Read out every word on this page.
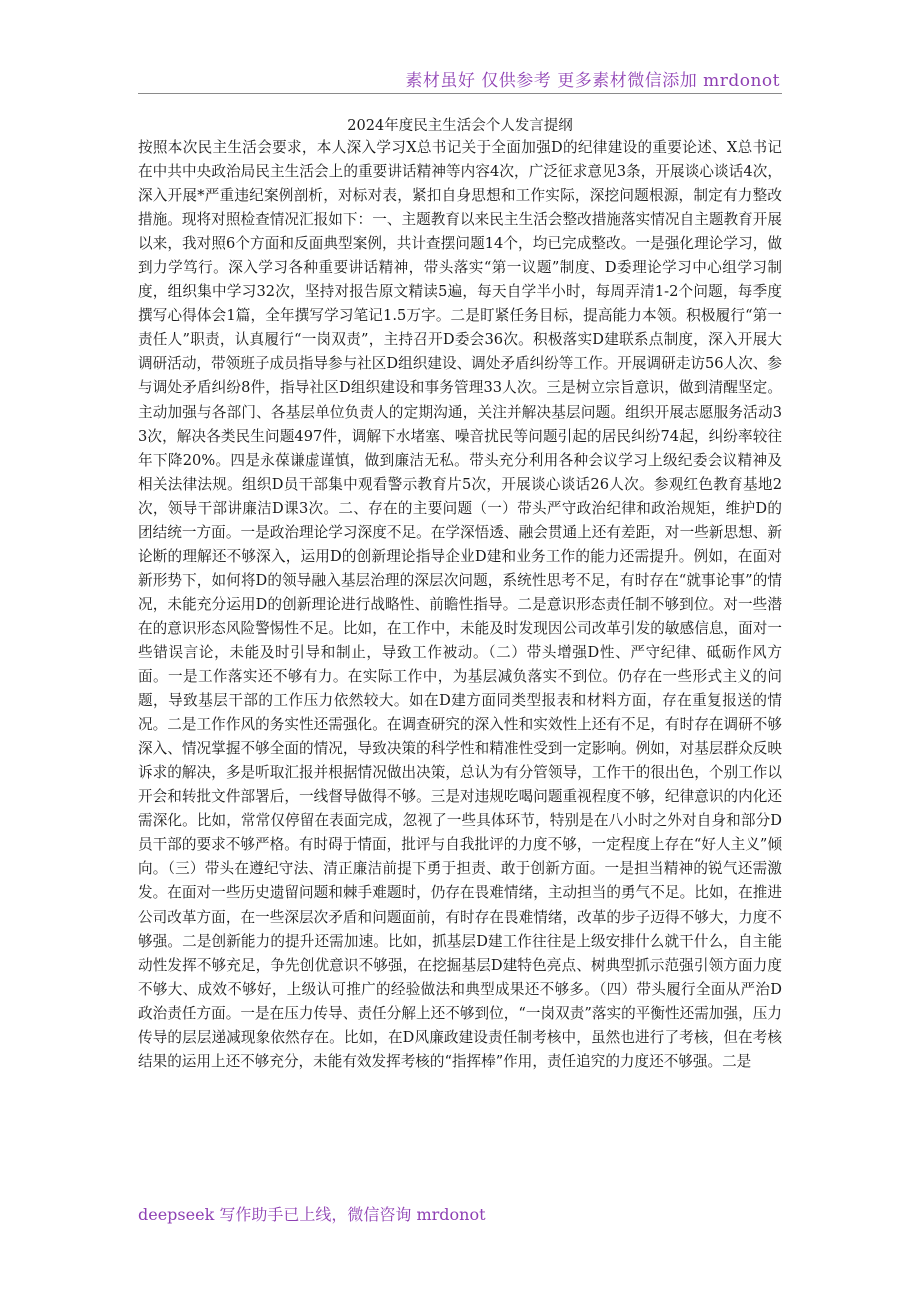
素材虽好 仅供参考 更多素材微信添加 mrdonot
2024年度民主生活会个人发言提纲

按照本次民主生活会要求，本人深入学习X总书记关于全面加强D的纪律建设的重要论述、X总书记在中共中央政治局民主生活会上的重要讲话精神等内容4次，广泛征求意见3条，开展谈心谈话4次，深入开展*严重违纪案例剖析，对标对表，紧扣自身思想和工作实际，深挖问题根源，制定有力整改措施。现将对照检查情况汇报如下：一、主题教育以来民主生活会整改措施落实情况自主题教育开展以来，我对照6个方面和反面典型案例，共计查摆问题14个，均已完成整改。一是强化理论学习，做到力学笃行。深入学习各种重要讲话精神，带头落实“第一议题”制度、D委理论学习中心组学习制度，组织集中学习32次，坚持对报告原文精读5遍，每天自学半小时，每周弄清1-2个问题，每季度撰写心得体会1篇，全年撰写学习笔记1.5万字。二是盯紧任务目标，提高能力本领。积极履行“第一责任人”职责，认真履行“一岗双责”，主持召开D委会36次。积极落实D建联系点制度，深入开展大调研活动，带领班子成员指导参与社区D组织建设、调处矛盾纠纷等工作。开展调研走访56人次、参与调处矛盾纠纷8件，指导社区D组织建设和事务管理33人次。三是树立宗旨意识，做到清醒坚定。主动加强与各部门、各基层单位负责人的定期沟通，关注并解决基层问题。组织开展志愿服务活动33次，解决各类民生问题497件，调解下水堵塞、噪音扰民等问题引起的居民纠纷74起，纠纷率较往年下降20%。四是永葆谦虚谨慎，做到廉洁无私。带头充分利用各种会议学习上级纪委会议精神及相关法律法规。组织D员干部集中观看警示教育片5次，开展谈心谈话26人次。参观红色教育基地2次，领导干部讲廉洁D课3次。二、存在的主要问题（一）带头严守政治纪律和政治规矩，维护D的团结统一方面。一是政治理论学习深度不足。在学深悟透、融会贯通上还有差距，对一些新思想、新论断的理解还不够深入，运用D的创新理论指导企业D建和业务工作的能力还需提升。例如，在面对新形势下，如何将D的领导融入基层治理的深层次问题，系统性思考不足，有时存在“就事论事”的情况，未能充分运用D的创新理论进行战略性、前瞻性指导。二是意识形态责任制不够到位。对一些潜在的意识形态风险警惕性不足。比如，在工作中，未能及时发现因公司改革引发的敏感信息，面对一些错误言论，未能及时引导和制止，导致工作被动。（二）带头增强D性、严守纪律、砥砺作风方面。一是工作落实还不够有力。在实际工作中，为基层减负落实不到位。仍存在一些形式主义的问题，导致基层干部的工作压力依然较大。如在D建方面同类型报表和材料方面，存在重复报送的情况。二是工作作风的务实性还需强化。在调查研究的深入性和实效性上还有不足，有时存在调研不够深入、情况掌握不够全面的情况，导致决策的科学性和精准性受到一定影响。例如，对基层群众反映诉求的解决，多是听取汇报并根据情况做出决策，总认为有分管领导，工作干的很出色，个别工作以开会和转批文件部署后，一线督导做得不够。三是对违规吃喝问题重视程度不够，纪律意识的内化还需深化。比如，常常仅停留在表面完成，忽视了一些具体环节，特别是在八小时之外对自身和部分D员干部的要求不够严格。有时碍于情面，批评与自我批评的力度不够，一定程度上存在“好人主义”倾向。（三）带头在遵纪守法、清正廉洁前提下勇于担责、敢于创新方面。一是担当精神的锐气还需激发。在面对一些历史遗留问题和棘手难题时，仍存在畏难情绪，主动担当的勇气不足。比如，在推进公司改革方面，在一些深层次矛盾和问题面前，有时存在畏难情绪，改革的步子迈得不够大，力度不够强。二是创新能力的提升还需加速。比如，抓基层D建工作往往是上级安排什么就干什么，自主能动性发挥不够充足，争先创优意识不够强，在挖掘基层D建特色亮点、树典型抓示范强引领方面力度不够大、成效不够好，上级认可推广的经验做法和典型成果还不够多。（四）带头履行全面从严治D政治责任方面。一是在压力传导、责任分解上还不够到位，“一岗双责”落实的平衡性还需加强，压力传导的层层递减现象依然存在。比如，在D风廉政建设责任制考核中，虽然也进行了考核，但在考核结果的运用上还不够充分，未能有效发挥考核的“指挥棒”作用，责任追究的力度还不够强。二是

deepseek 写作助手已上线，微信咨询 mrdonot
